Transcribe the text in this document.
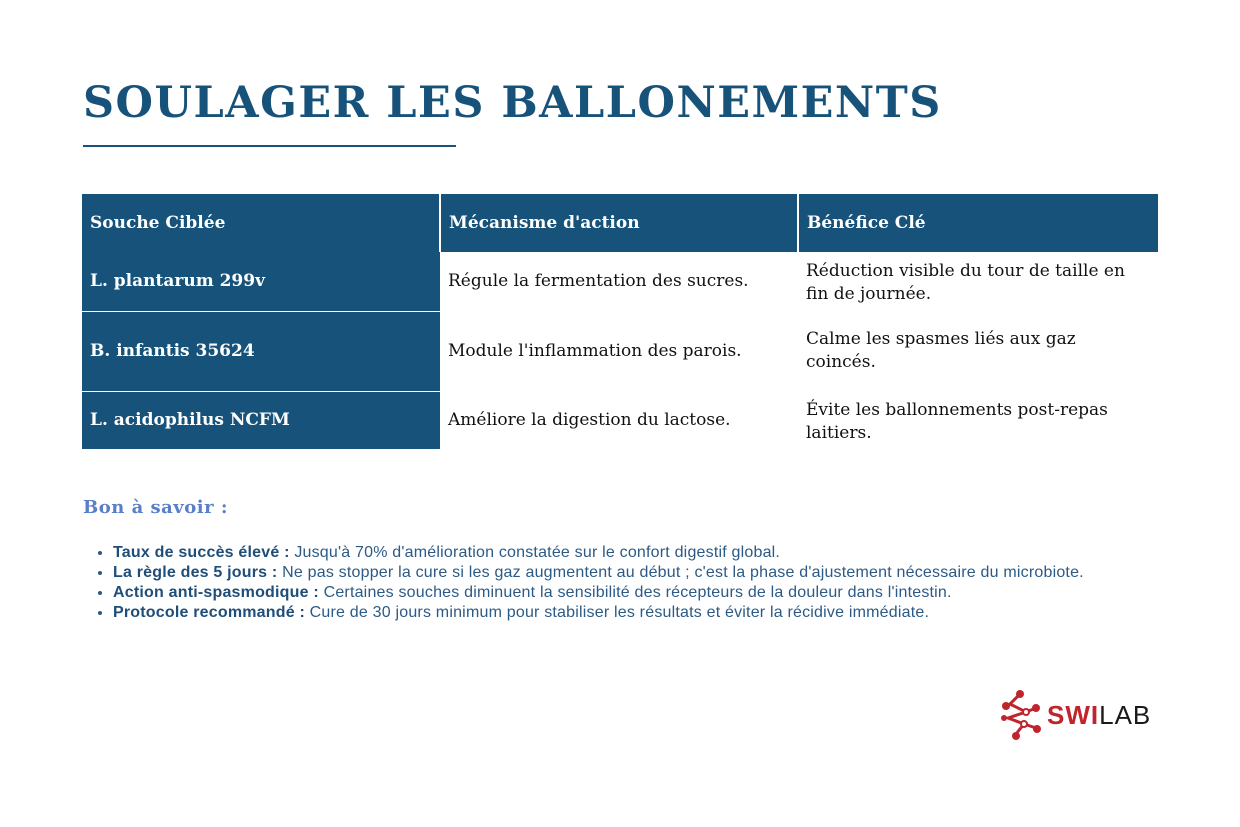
SOULAGER LES BALLONEMENTS
Souche Ciblée	Mécanisme d'action	Bénéfice Clé
L. plantarum 299v	Régule la fermentation des sucres.	Réduction visible du tour de taille en fin de journée.
B. infantis 35624	Module l'inflammation des parois.	Calme les spasmes liés aux gaz coincés.
L. acidophilus NCFM	Améliore la digestion du lactose.	Évite les ballonnements post-repas laitiers.
Bon à savoir :
• Taux de succès élevé : Jusqu'à 70% d'amélioration constatée sur le confort digestif global.
• La règle des 5 jours : Ne pas stopper la cure si les gaz augmentent au début ; c'est la phase d'ajustement nécessaire du microbiote.
• Action anti-spasmodique : Certaines souches diminuent la sensibilité des récepteurs de la douleur dans l'intestin.
• Protocole recommandé : Cure de 30 jours minimum pour stabiliser les résultats et éviter la récidive immédiate.
SWILAB
